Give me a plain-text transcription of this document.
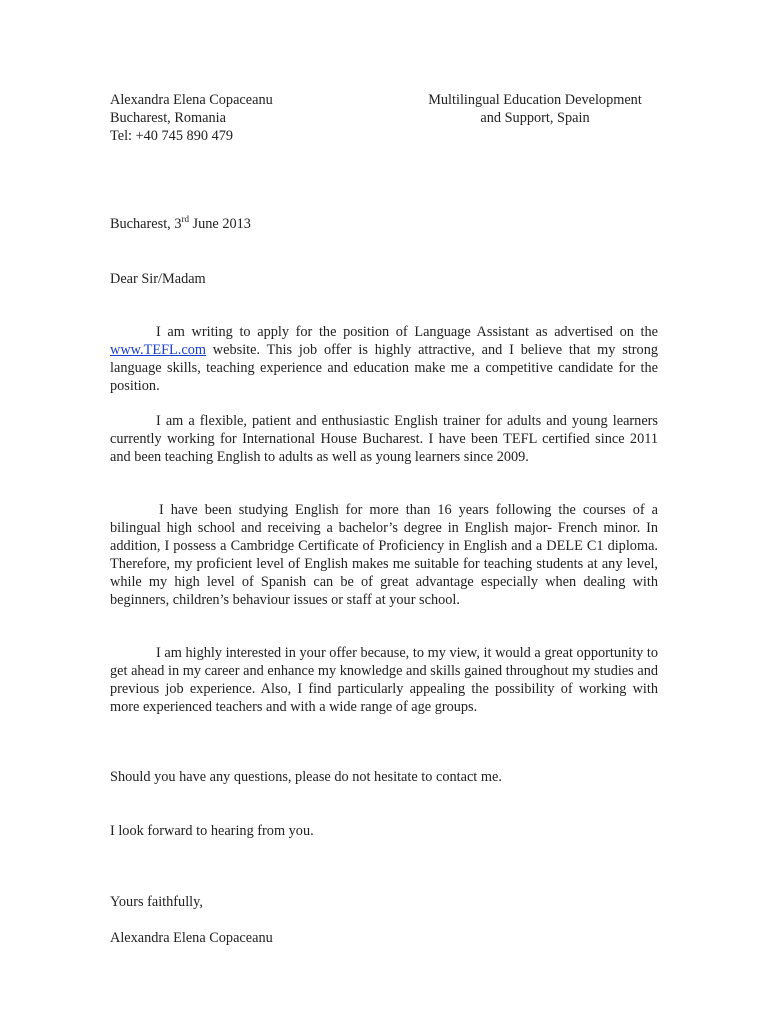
Alexandra Elena Copaceanu
Bucharest, Romania
Tel: +40 745 890 479
Multilingual Education Development
and Support, Spain
Bucharest, 3rd June 2013
Dear Sir/Madam

I am writing to apply for the position of Language Assistant as advertised on the www.TEFL.com website. This job offer is highly attractive, and I believe that my strong language skills, teaching experience and education make me a competitive candidate for the position.

I am a flexible, patient and enthusiastic English trainer for adults and young learners currently working for International House Bucharest. I have been TEFL certified since 2011 and been teaching English to adults as well as young learners since 2009.

I have been studying English for more than 16 years following the courses of a bilingual high school and receiving a bachelor’s degree in English major- French minor. In addition, I possess a Cambridge Certificate of Proficiency in English and a DELE C1 diploma. Therefore, my proficient level of English makes me suitable for teaching students at any level, while my high level of Spanish can be of great advantage especially when dealing with beginners, children’s behaviour issues or staff at your school.

I am highly interested in your offer because, to my view, it would a great opportunity to get ahead in my career and enhance my knowledge and skills gained throughout my studies and previous job experience. Also, I find particularly appealing the possibility of working with more experienced teachers and with a wide range of age groups.

Should you have any questions, please do not hesitate to contact me.
I look forward to hearing from you.
Yours faithfully,
Alexandra Elena Copaceanu
